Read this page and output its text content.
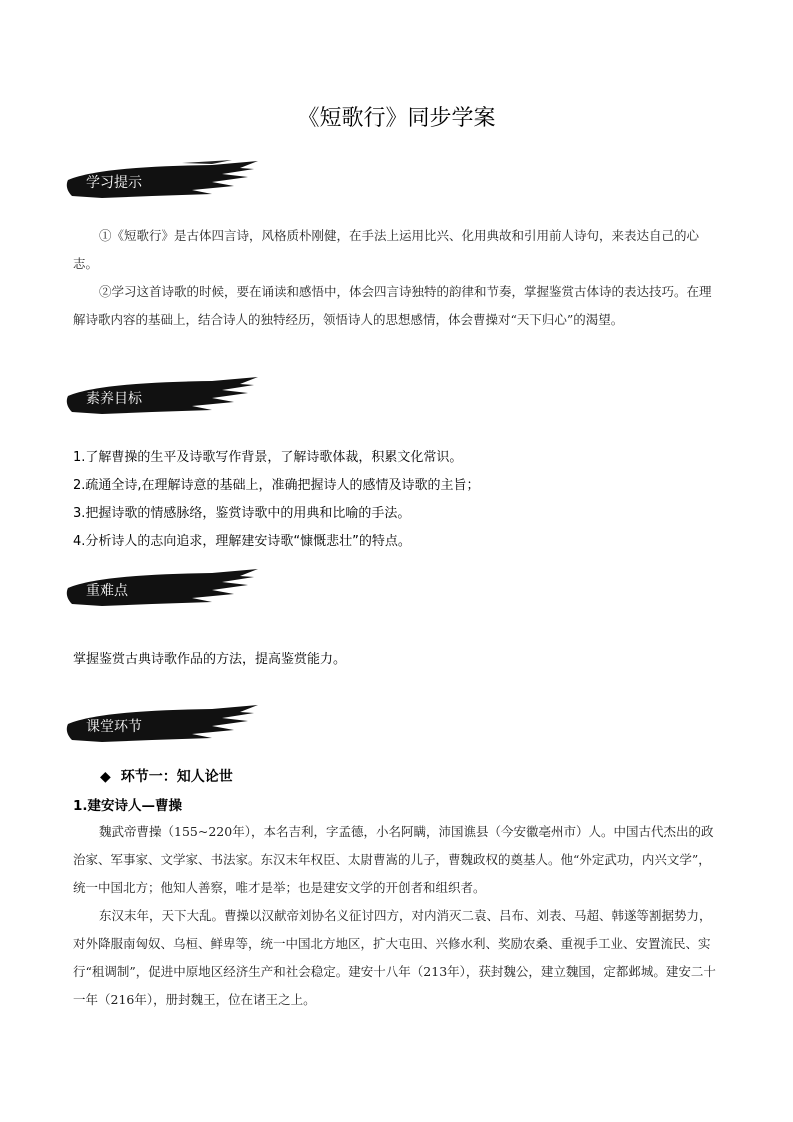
《短歌行》同步学案
学习提示

①《短歌行》是古体四言诗，风格质朴刚健，在手法上运用比兴、化用典故和引用前人诗句，来表达自己的心志。

②学习这首诗歌的时候，要在诵读和感悟中，体会四言诗独特的韵律和节奏，掌握鉴赏古体诗的表达技巧。在理解诗歌内容的基础上，结合诗人的独特经历，领悟诗人的思想感情，体会曹操对“天下归心”的渴望。

素养目标
1.了解曹操的生平及诗歌写作背景，了解诗歌体裁，积累文化常识。
2.疏通全诗,在理解诗意的基础上，准确把握诗人的感情及诗歌的主旨；
3.把握诗歌的情感脉络，鉴赏诗歌中的用典和比喻的手法。
4.分析诗人的志向追求，理解建安诗歌“慷慨悲壮”的特点。
重难点
掌握鉴赏古典诗歌作品的方法，提高鉴赏能力。
课堂环节
◆ 环节一：知人论世
1.建安诗人—曹操

魏武帝曹操（155~220年），本名吉利，字孟德，小名阿瞒，沛国谯县（今安徽亳州市）人。中国古代杰出的政治家、军事家、文学家、书法家。东汉末年权臣、太尉曹嵩的儿子，曹魏政权的奠基人。他“外定武功，内兴文学”，统一中国北方；他知人善察，唯才是举；也是建安文学的开创者和组织者。

东汉末年，天下大乱。曹操以汉献帝刘协名义征讨四方，对内消灭二袁、吕布、刘表、马超、韩遂等割据势力，对外降服南匈奴、乌桓、鲜卑等，统一中国北方地区，扩大屯田、兴修水利、奖励农桑、重视手工业、安置流民、实行“租调制”，促进中原地区经济生产和社会稳定。建安十八年（213年），获封魏公，建立魏国，定都邺城。建安二十一年（216年），册封魏王，位在诸王之上。
